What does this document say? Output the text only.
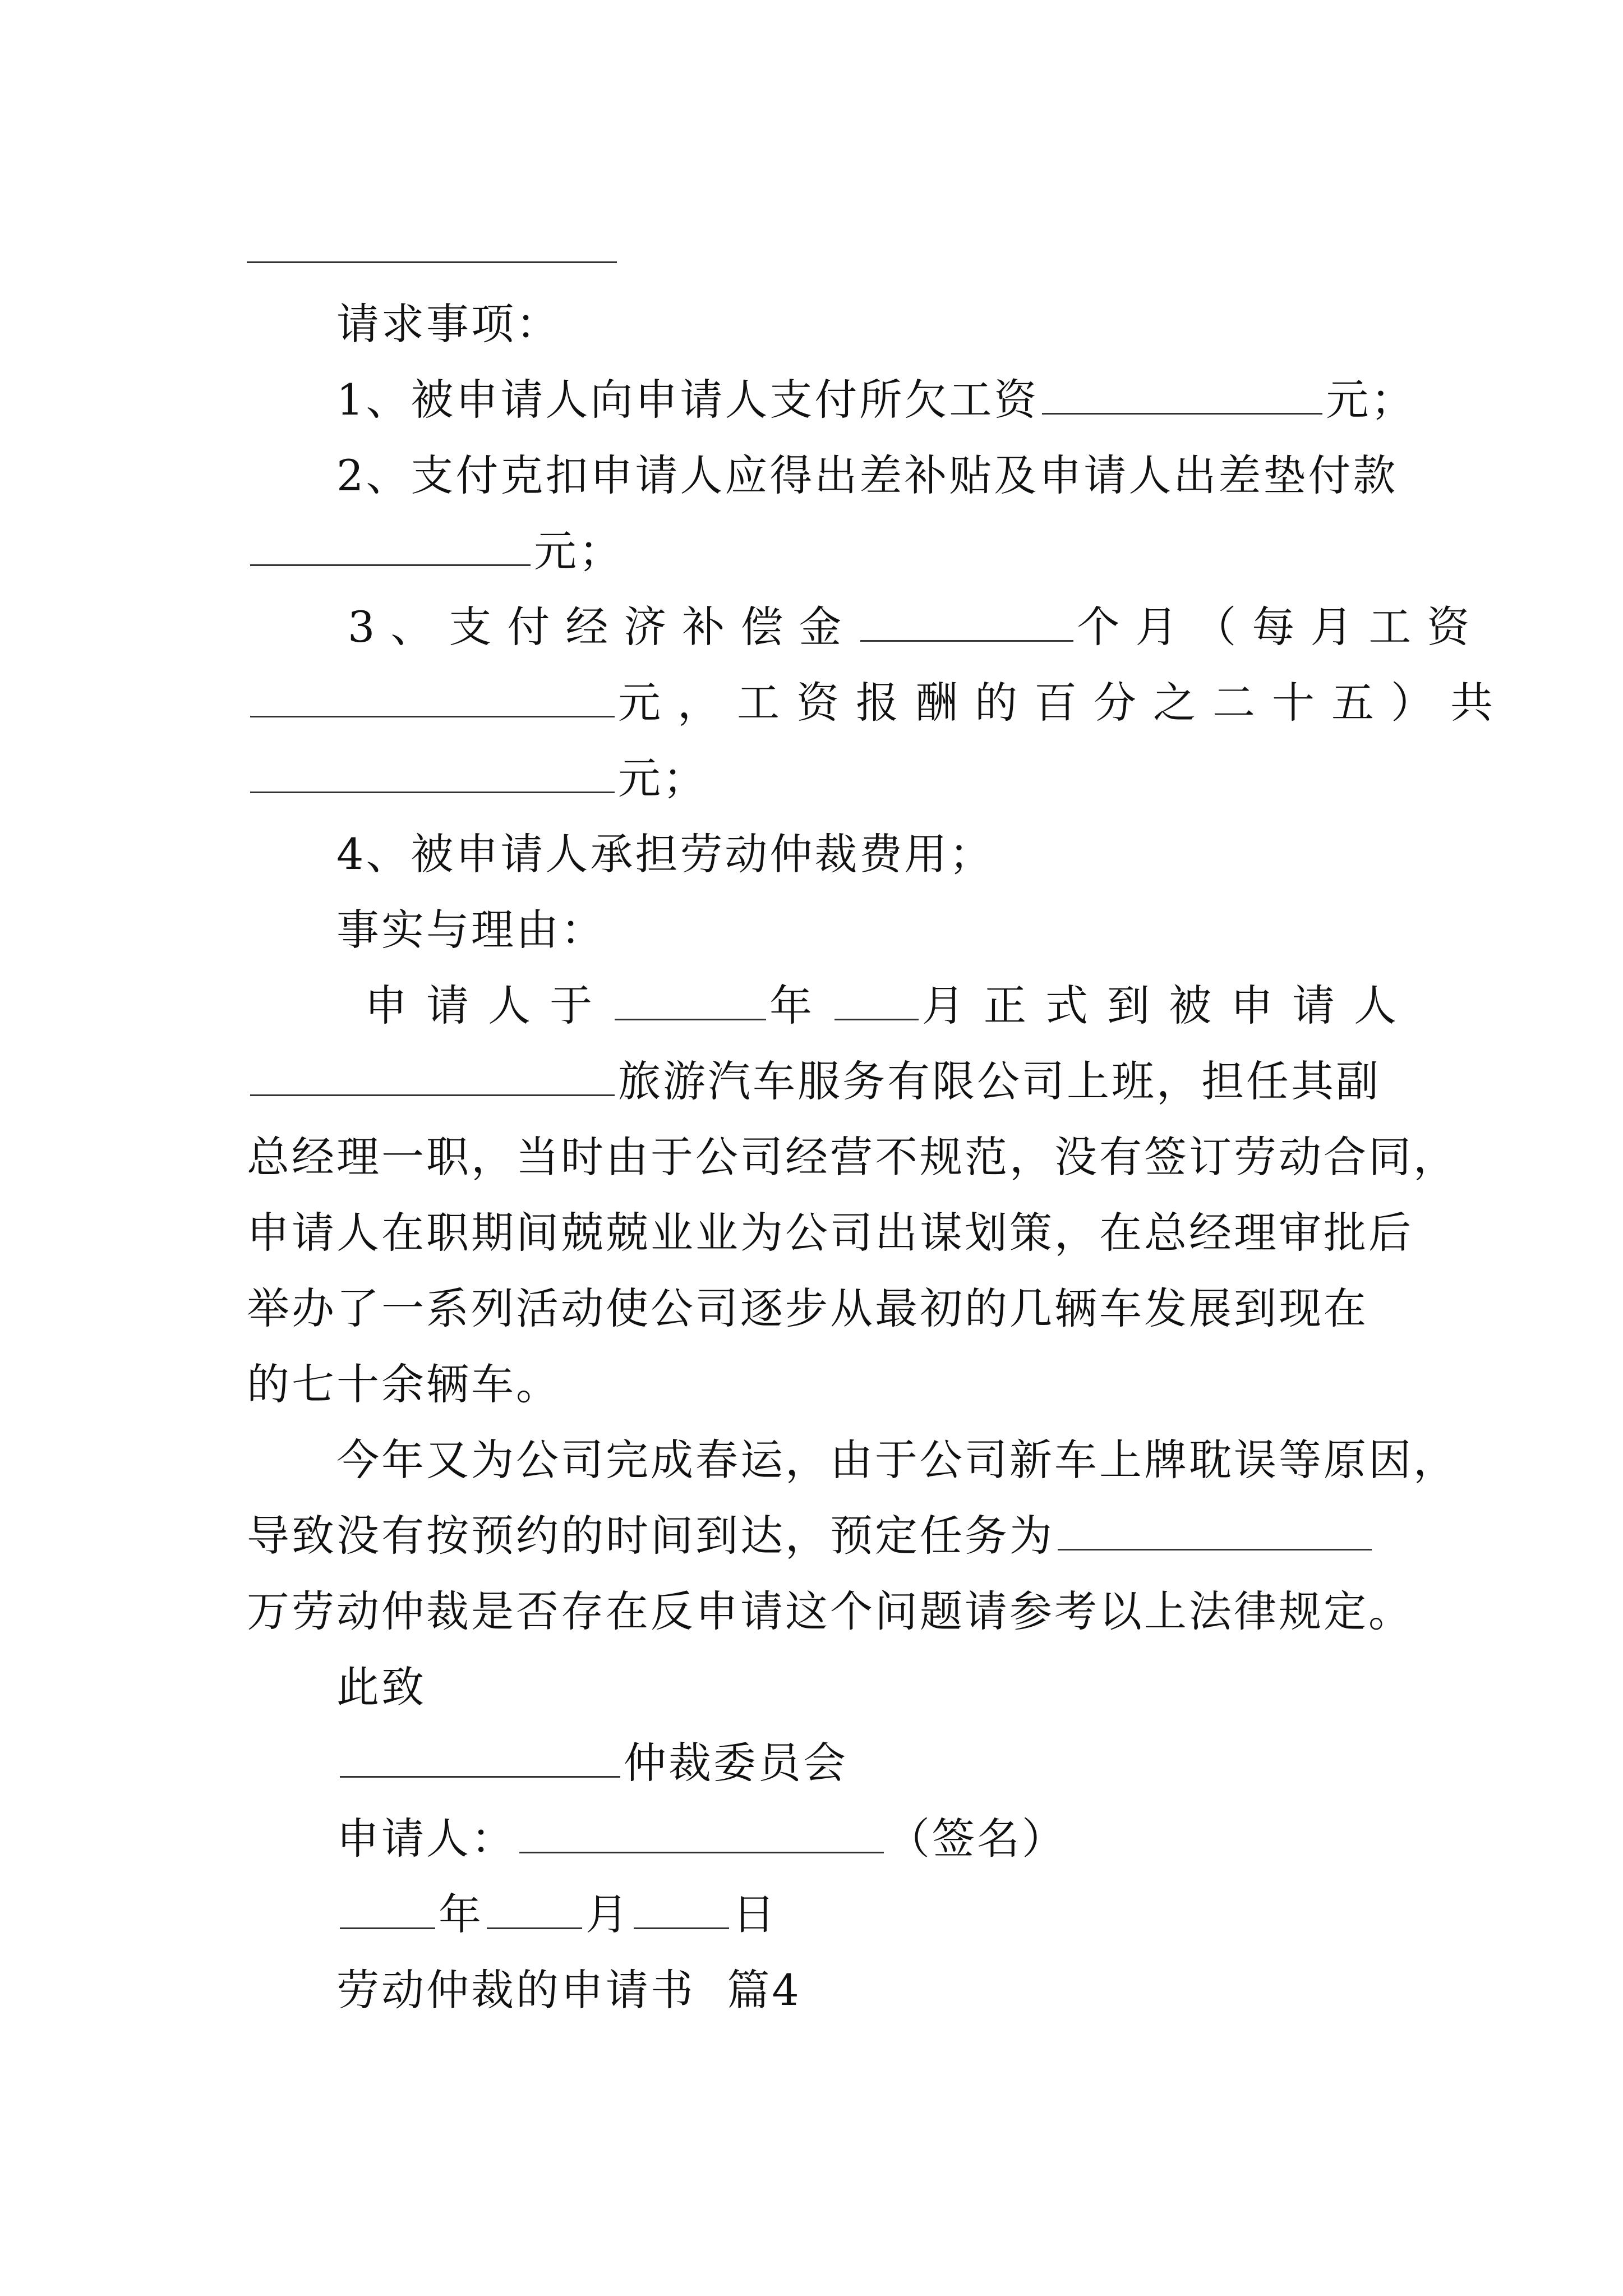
请求事项：
1、被申请人向申请人支付所欠工资	元；
2、支付克扣申请人应得出差补贴及申请人出差垫付款
元；
3、支付经济补偿金	个月（每月工资
元，工资报酬的百分之二十五）共
元；
4、被申请人承担劳动仲裁费用；
事实与理由：
申请人于	年 月正式到被申请人
旅游汽车服务有限公司上班，担任其副
总经理一职，当时由于公司经营不规范，没有签订劳动合同，
申请人在职期间兢兢业业为公司出谋划策，在总经理审批后
举办了一系列活动使公司逐步从最初的几辆车发展到现在
的七十余辆车。
今年又为公司完成春运，由于公司新车上牌耽误等原因，
导致没有按预约的时间到达，预定任务为
万劳动仲裁是否存在反申请这个问题请参考以上法律规定。
此致
仲裁委员会
申请人：	（签名）
年 月 日
劳动仲裁的申请书  篇4
